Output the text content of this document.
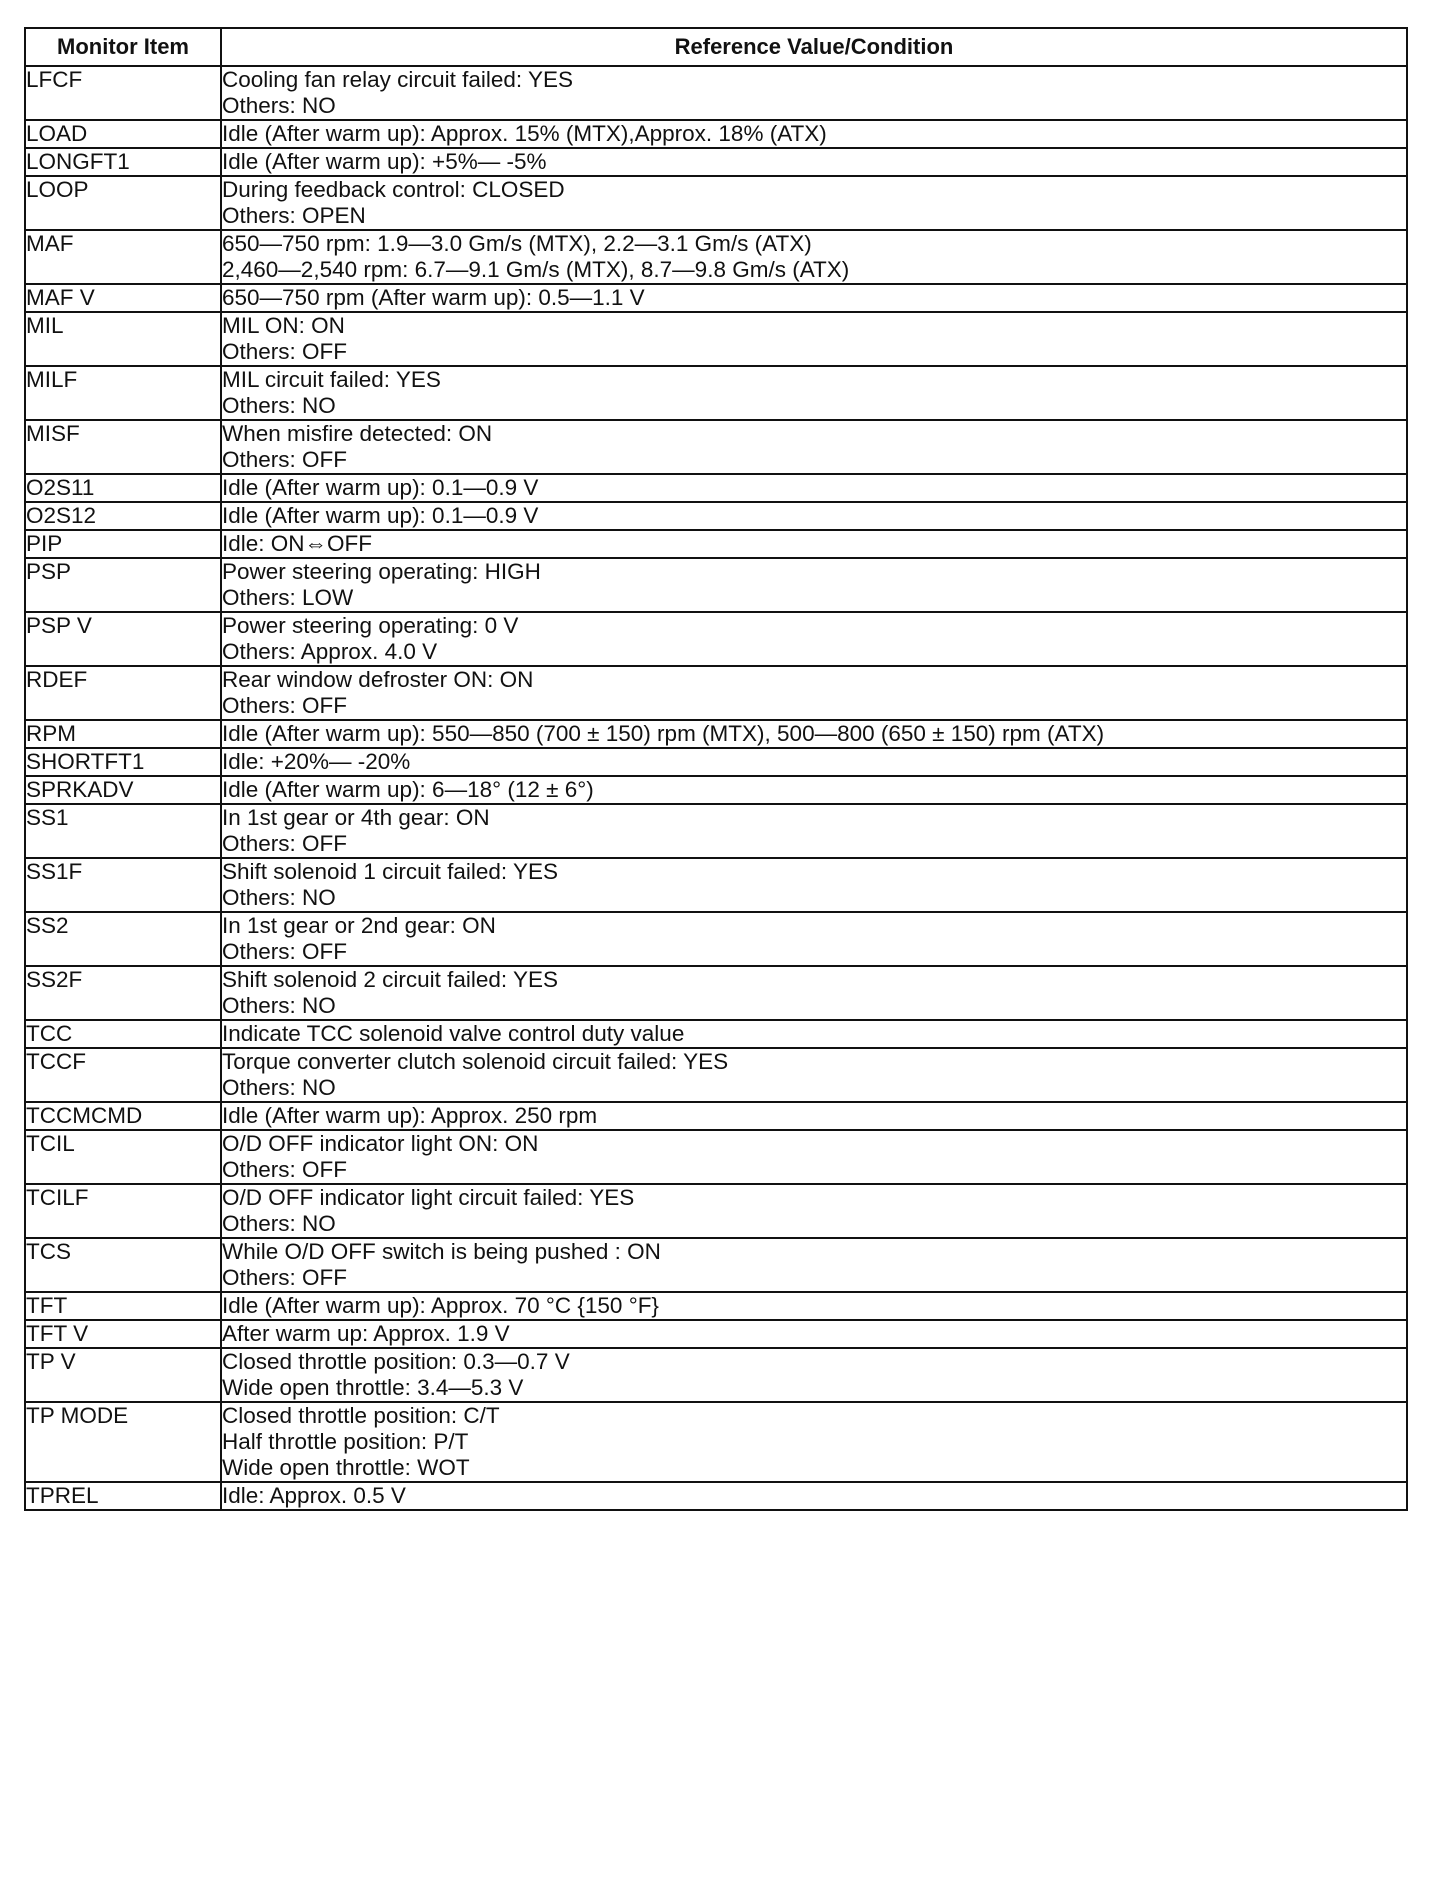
Monitor Item	Reference Value/Condition
LFCF	Cooling fan relay circuit failed: YES
Others: NO

LOAD	Idle (After warm up): Approx. 15% (MTX),Approx. 18% (ATX)

LONGFT1	Idle (After warm up): +5%— -5%

LOOP	During feedback control: CLOSED
Others: OPEN

MAF	650—750 rpm: 1.9—3.0 Gm/s (MTX), 2.2—3.1 Gm/s (ATX)
2,460—2,540 rpm: 6.7—9.1 Gm/s (MTX), 8.7—9.8 Gm/s (ATX)

MAF V	650—750 rpm (After warm up): 0.5—1.1 V

MIL	MIL ON: ON
Others: OFF

MILF	MIL circuit failed: YES
Others: NO

MISF	When misfire detected: ON
Others: OFF

O2S11	Idle (After warm up): 0.1—0.9 V

O2S12	Idle (After warm up): 0.1—0.9 V

PIP	Idle: ON⇔OFF

PSP	Power steering operating: HIGH
Others: LOW

PSP V	Power steering operating: 0 V
Others: Approx. 4.0 V

RDEF	Rear window defroster ON: ON
Others: OFF

RPM	Idle (After warm up): 550—850 (700 ± 150) rpm (MTX), 500—800 (650 ± 150) rpm (ATX)

SHORTFT1	Idle: +20%— -20%

SPRKADV	Idle (After warm up): 6—18° (12 ± 6°)

SS1	In 1st gear or 4th gear: ON
Others: OFF

SS1F	Shift solenoid 1 circuit failed: YES
Others: NO

SS2	In 1st gear or 2nd gear: ON
Others: OFF

SS2F	Shift solenoid 2 circuit failed: YES
Others: NO

TCC	Indicate TCC solenoid valve control duty value

TCCF	Torque converter clutch solenoid circuit failed: YES
Others: NO

TCCMCMD	Idle (After warm up): Approx. 250 rpm

TCIL	O/D OFF indicator light ON: ON
Others: OFF

TCILF	O/D OFF indicator light circuit failed: YES
Others: NO

TCS	While O/D OFF switch is being pushed : ON
Others: OFF

TFT	Idle (After warm up): Approx. 70 °C {150 °F}

TFT V	After warm up: Approx. 1.9 V

TP V	Closed throttle position: 0.3—0.7 V
Wide open throttle: 3.4—5.3 V

TP MODE	Closed throttle position: C/T
Half throttle position: P/T
Wide open throttle: WOT

TPREL	Idle: Approx. 0.5 V
